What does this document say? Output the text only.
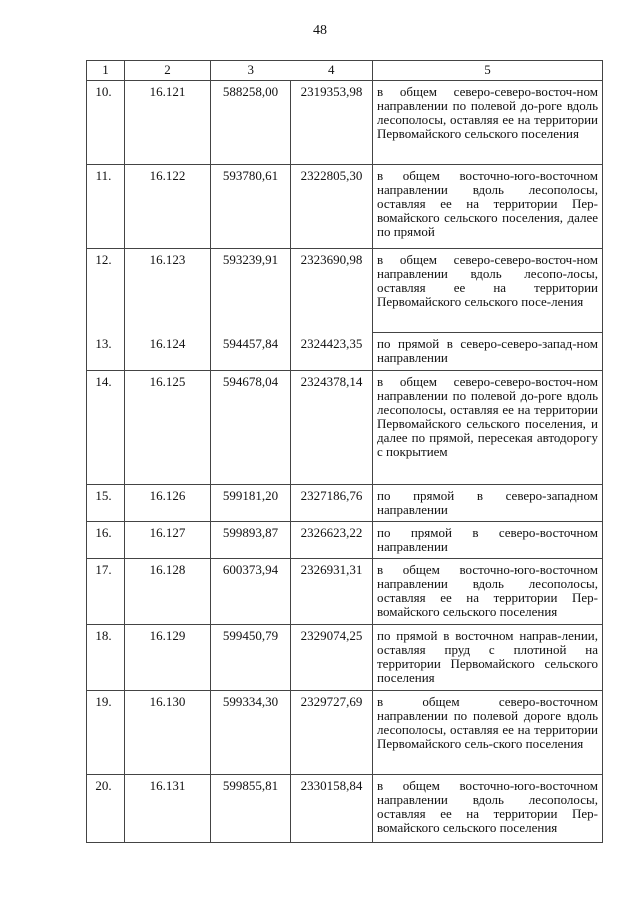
48
1	2	3	4	5
10.	16.121	588258,00	2319353,98	в общем северо-северо-восточ-ном направлении по полевой до-роге вдоль лесополосы, оставляя ее на территории Первомайского сельского поселения
11.	16.122	593780,61	2322805,30	в общем восточно-юго-восточном направлении вдоль лесополосы, оставляя ее на территории Пер-вомайского сельского поселения, далее по прямой
12.	16.123	593239,91	2323690,98	в общем северо-северо-восточ-ном направлении вдоль лесопо-лосы, оставляя ее на территории Первомайского сельского посе-ления
13.	16.124	594457,84	2324423,35	по прямой в северо-северо-запад-ном направлении
14.	16.125	594678,04	2324378,14	в общем северо-северо-восточ-ном направлении по полевой до-роге вдоль лесополосы, оставляя ее на территории Первомайского сельского поселения, и далее по прямой, пересекая автодорогу с покрытием
15.	16.126	599181,20	2327186,76	по прямой в северо-западном направлении
16.	16.127	599893,87	2326623,22	по прямой в северо-восточном направлении
17.	16.128	600373,94	2326931,31	в общем восточно-юго-восточном направлении вдоль лесополосы, оставляя ее на территории Пер-вомайского сельского поселения
18.	16.129	599450,79	2329074,25	по прямой в восточном направ-лении, оставляя пруд с плотиной на территории Первомайского сельского поселения
19.	16.130	599334,30	2329727,69	в общем северо-восточном направлении по полевой дороге вдоль лесополосы, оставляя ее на территории Первомайского сель-ского поселения
20.	16.131	599855,81	2330158,84	в общем восточно-юго-восточном направлении вдоль лесополосы, оставляя ее на территории Пер-вомайского сельского поселения
